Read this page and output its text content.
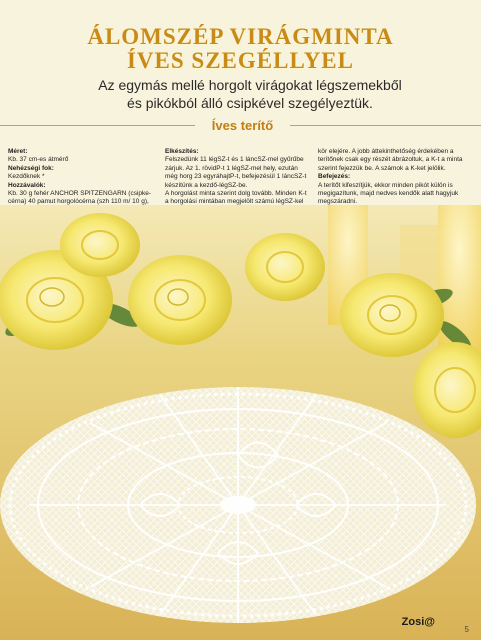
ÁLOMSZÉP VIRÁGMINTA
ÍVES SZEGÉLLYEL
Az egymás mellé horgolt virágokat légszemekből
és pikókból álló csipkével szegélyeztük.
Íves terítő

Méret:

Kb. 37 cm-es átmérő

Nehézségi fok:

Kezdőknek *

Hozzávalók:

Kb. 30 g fehér ANCHOR SPITZENGARN (csipke-cérna) 40 pamut horgolócérna (szh 110 m/ 10 g),

Elkészítés:

Felszedünk 11 légSZ-t és 1 láncSZ-mel gyűrűbe zárjuk. Az 1. rövidP-t 1 légSZ-mel hely, ezután még horg 23 egyráhajtP-t, befejezésül 1 láncSZ-t készítünk a kezdő-légSZ-be.

A horgolást minta szerint dolg tovább. Minden K-t a horgolási mintában megjelölt számú légSZ-kel

kör elejére. A jobb áttekinthetőség érdekében a terítőnek csak egy részét ábrázoltuk, a K-t a minta szerint fejezzük be. A számok a K-ket jelölik.

Befejezés:

A terítőt kifeszítjük, ekkor minden pikót külön is megigazítunk, majd nedves kendők alatt hagyjuk megszáradni.

Zosi@
5
